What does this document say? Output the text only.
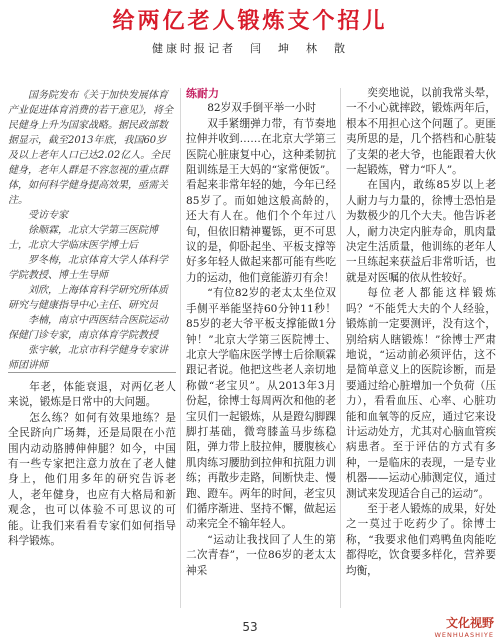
给两亿老人锻炼支个招儿
健康时报记者　闫　坤　林　散

国务院发布《关于加快发展体育产业促进体育消费的若干意见》，将全民健身上升为国家战略。据民政部数据显示，截至2013年底，我国60岁及以上老年人口已达2.02亿人。全民健身，老年人群是不容忽视的重点群体，如何科学健身提高效果，亟需关注。

受访专家

徐顺霖，北京大学第三医院博士，北京大学临床医学博士后

罗冬梅，北京体育大学人体科学学院教授、博士生导师

刘欣，上海体育科学研究所体质研究与健康指导中心主任、研究员

李楠，南京中西医结合医院运动保健门诊专家，南京体育学院教授

张宇敏，北京市科学健身专家讲师团讲师

年老，体能衰退，对两亿老人来说，锻炼是日常中的大问题。

怎么练？如何有效果地练？是全民跻向广场舞，还是局限在小范围内动动胳膊伸伸腿？如今，中国有一些专家把注意力放在了老人健身上，他们用多年的研究告诉老人，老年健身，也应有大格局和新观念，也可以体验不可思议的可能。让我们来看看专家们如何指导科学锻炼。

练耐力

82岁双手倒平举一小时

双手紧绷弹力带，有节奏地拉伸并收到……在北京大学第三医院心脏康复中心，这种柔韧抗阻训练是王大妈的“家常便饭”。看起来非常年轻的她，今年已经85岁了。而如她这般高龄的，还大有人在。他们个个年过八旬，但依旧精神矍铄，更不可思议的是，仰卧起坐、平板支撑等好多年轻人做起来都可能有些吃力的运动，他们竟能游刃有余！

“有位82岁的老太太坐位双手侧平举能坚持60分钟11秒！85岁的老大爷平板支撑能做1分钟！”北京大学第三医院博士、北京大学临床医学博士后徐顺霖跟记者说。他把这些老人亲切地称做“老宝贝”。从2013年3月份起，徐博士每周两次和他的老宝贝们一起锻炼，从是蹬勾脚踝脚打基础，微弯膝盖马步练稳阻，弹力带上肢拉伸，腰腹核心肌肉练习腰肋到拉伸和抗阻力训练；再散步走路，间断快走、慢跑、蹬车。两年的时间，老宝贝们循序渐进、坚持不懈，做起运动来完全不输年轻人。

“运动让我找回了人生的第二次青春”，一位86岁的老太太神采

奕奕地说，以前我常头晕，一不小心就摔跤，锻炼两年后，根本不用担心这个问题了。更匪夷所思的是，几个搭档和心脏装了支架的老大爷，也能跟着大伙一起锻炼，臂力“吓人”。

在国内，敢练85岁以上老人耐力与力量的，徐博士恐怕是为数极少的几个大夫。他告诉老人，耐力决定内脏寿命，肌肉量决定生活质量，他训练的老年人一旦练起来获益后非常听话，也就是对医嘱的依从性较好。

每位老人都能这样锻炼吗？“不能凭大夫的个人经验，锻炼前一定要测评，没有这个，别给病人瞎锻炼！”徐博士严肃地说，“运动前必须评估，这不是简单意义上的医院诊断，而是要通过给心脏增加一个负荷（压力），看看血压、心率、心脏功能和血氧等的反应，通过它来设计运动处方，尤其对心脑血管疾病患者。至于评估的方式有多种，一是临床的表现，一是专业机器——运动心肺测定仪，通过测试来发现适合自己的运动”。

至于老人锻炼的成果，好处之一莫过于吃药少了。徐博士称，“我要求他们鸡鸭鱼肉能吃都得吃，饮食要多样化，营养要均衡，

53	文化视野
WENHUASHIYE
